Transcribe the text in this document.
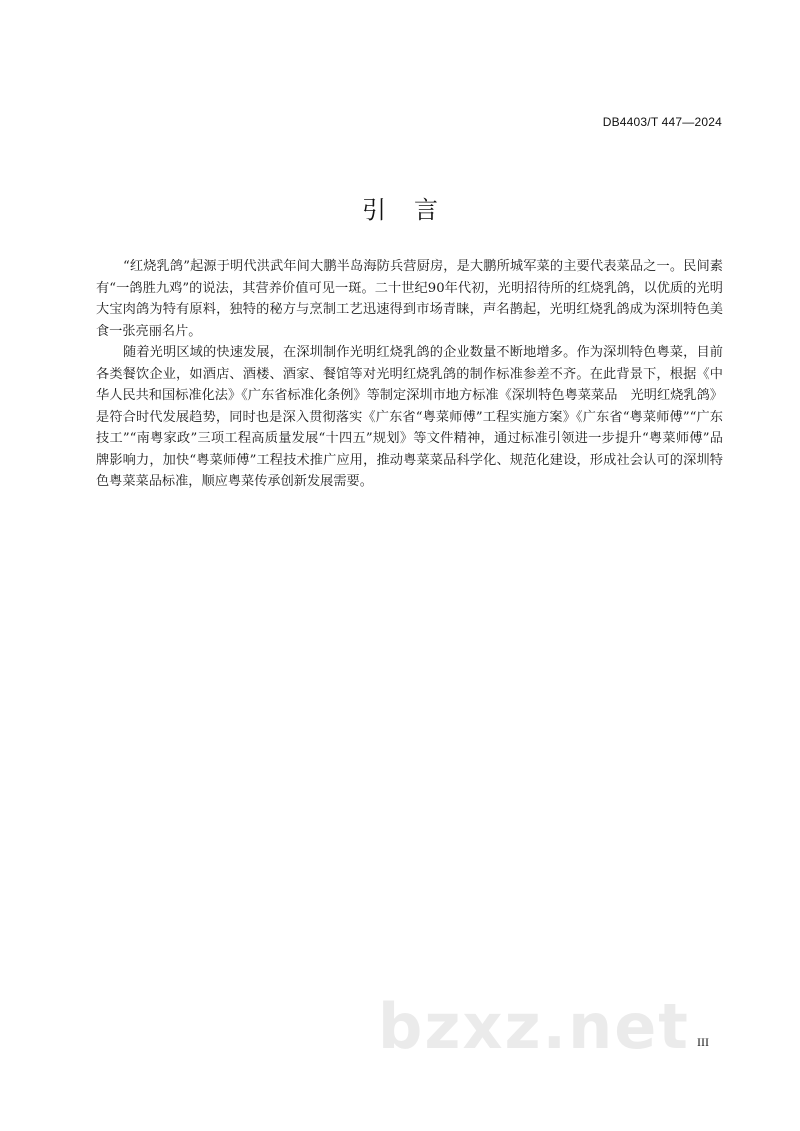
DB4403/T 447—2024
引言

“红烧乳鸽”起源于明代洪武年间大鹏半岛海防兵营厨房，是大鹏所城军菜的主要代表菜品之一。民间素有“一鸽胜九鸡”的说法，其营养价值可见一斑。二十世纪90年代初，光明招待所的红烧乳鸽，以优质的光明大宝肉鸽为特有原料，独特的秘方与烹制工艺迅速得到市场青睐，声名鹊起，光明红烧乳鸽成为深圳特色美食一张亮丽名片。

随着光明区域的快速发展，在深圳制作光明红烧乳鸽的企业数量不断地增多。作为深圳特色粤菜，目前各类餐饮企业，如酒店、酒楼、酒家、餐馆等对光明红烧乳鸽的制作标准参差不齐。在此背景下，根据《中华人民共和国标准化法》《广东省标准化条例》等制定深圳市地方标准《深圳特色粤菜菜品　光明红烧乳鸽》是符合时代发展趋势，同时也是深入贯彻落实《广东省“粤菜师傅”工程实施方案》《广东省“粤菜师傅”“广东技工”“南粤家政”三项工程高质量发展“十四五”规划》等文件精神，通过标准引领进一步提升“粤菜师傅”品牌影响力，加快“粤菜师傅”工程技术推广应用，推动粤菜菜品科学化、规范化建设，形成社会认可的深圳特色粤菜菜品标准，顺应粤菜传承创新发展需要。

bzxz.net III
